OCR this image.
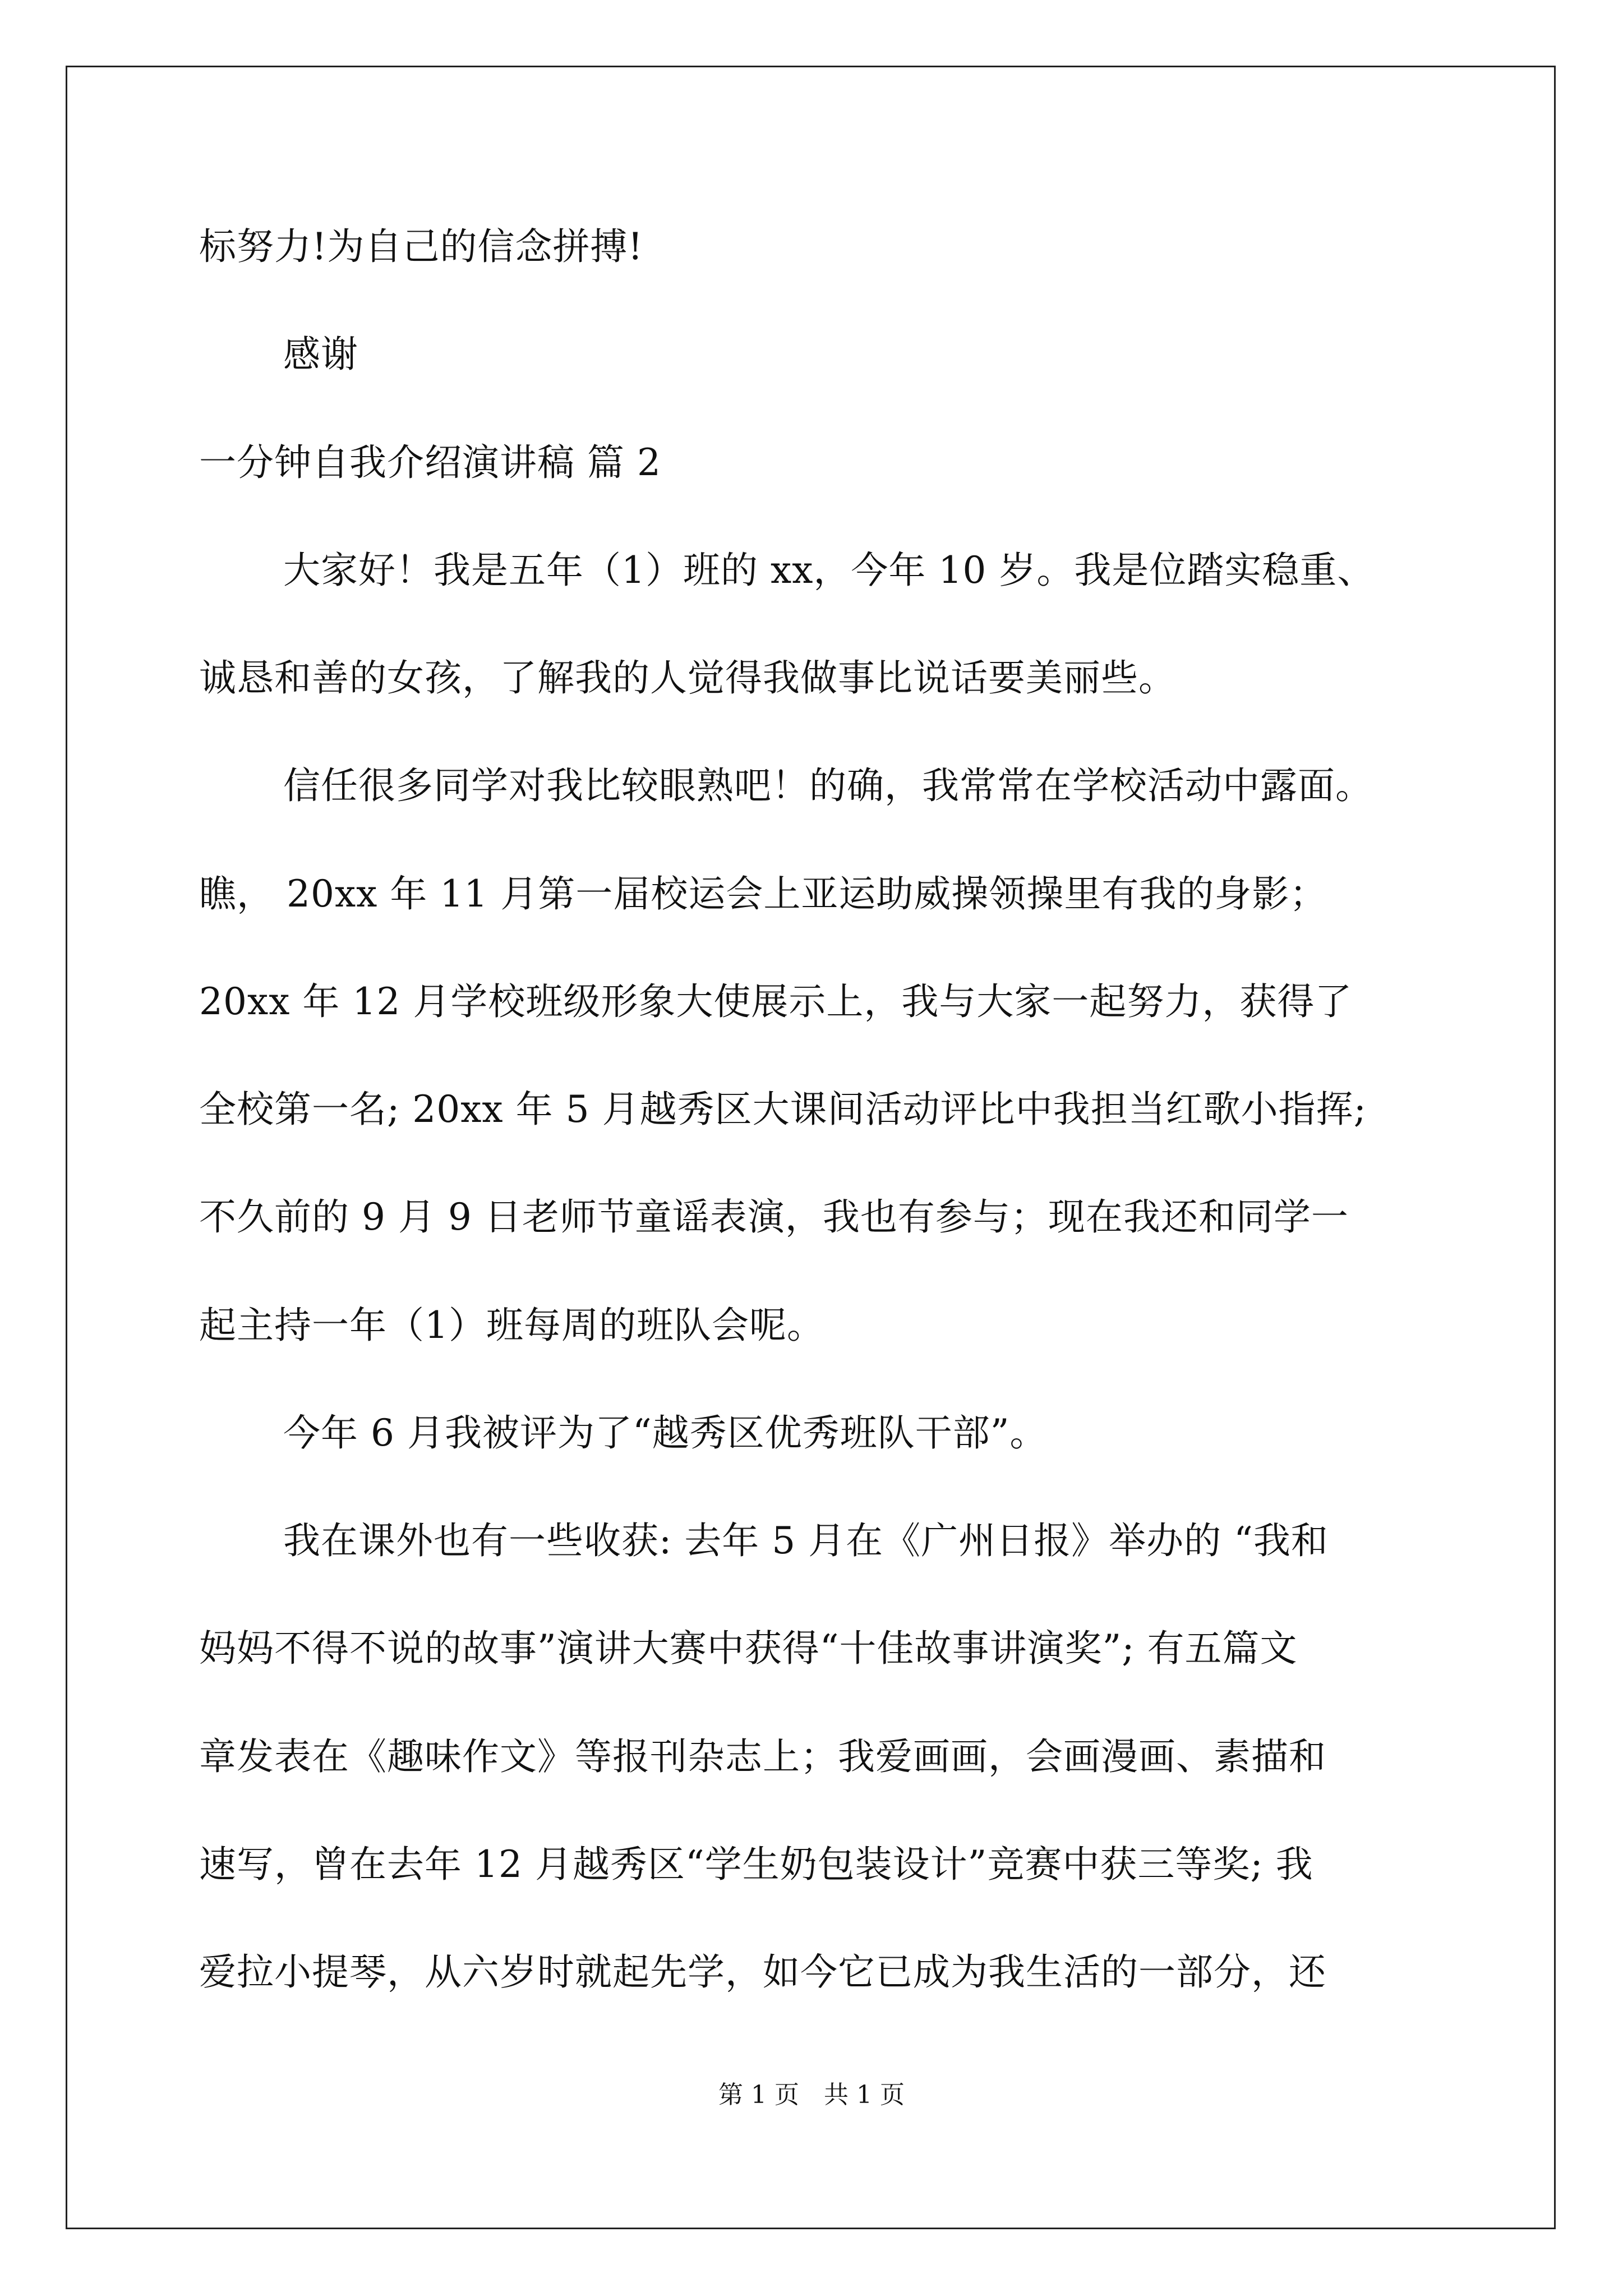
标努力!为自己的信念拼搏!
感谢
一分钟自我介绍演讲稿 篇 2
大家好！我是五年（1）班的 xx，今年 10 岁。我是位踏实稳重、
诚恳和善的女孩，了解我的人觉得我做事比说话要美丽些。
信任很多同学对我比较眼熟吧！的确，我常常在学校活动中露面。
瞧， 20xx 年 11 月第一届校运会上亚运助威操领操里有我的身影；
20xx 年 12 月学校班级形象大使展示上，我与大家一起努力，获得了
全校第一名; 20xx 年 5 月越秀区大课间活动评比中我担当红歌小指挥;
不久前的 9 月 9 日老师节童谣表演，我也有参与；现在我还和同学一
起主持一年（1）班每周的班队会呢。
今年 6 月我被评为了“越秀区优秀班队干部”。
我在课外也有一些收获: 去年 5 月在《广州日报》举办的 “我和
妈妈不得不说的故事”演讲大赛中获得“十佳故事讲演奖”; 有五篇文
章发表在《趣味作文》等报刊杂志上；我爱画画，会画漫画、素描和
速写，曾在去年 12 月越秀区“学生奶包装设计”竞赛中获三等奖; 我
爱拉小提琴，从六岁时就起先学，如今它已成为我生活的一部分，还
第 1 页　共 1 页
